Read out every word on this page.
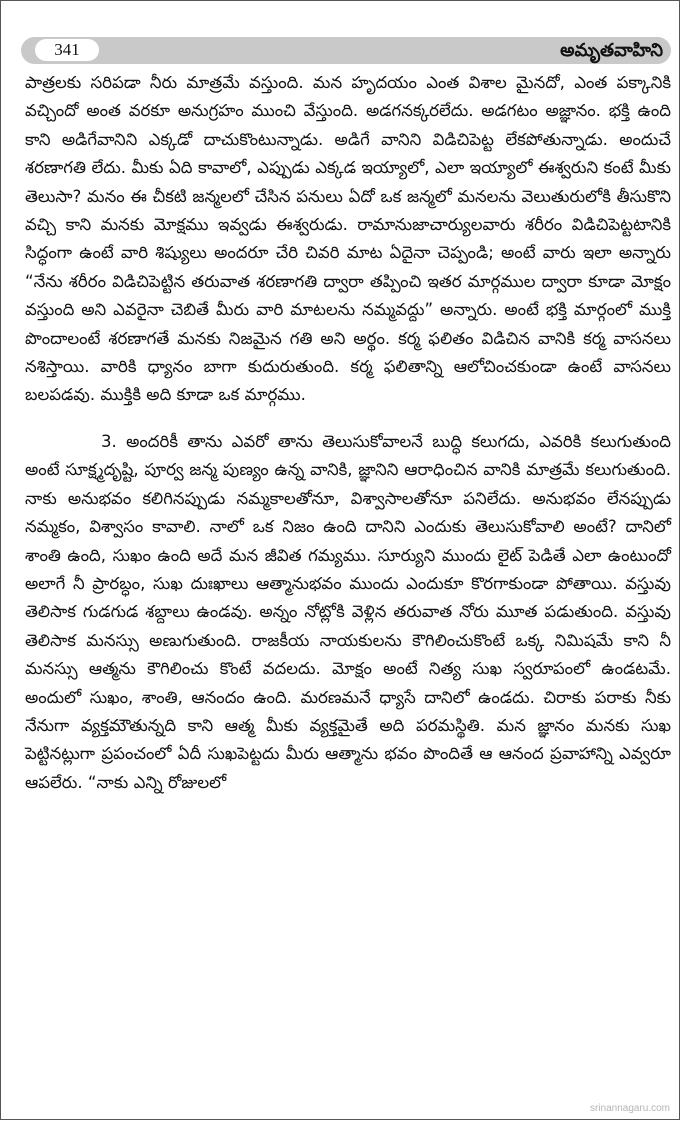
341	అమృతవాహిని

పాత్రలకు సరిపడా నీరు మాత్రమే వస్తుంది. మన హృదయం ఎంత విశాల మైనదో, ఎంత పక్కానికి వచ్చిందో అంత వరకూ అనుగ్రహం ముంచి వేస్తుంది. అడగనక్కరలేదు. అడగటం అజ్ఞానం. భక్తి ఉంది కాని అడిగేవానిని ఎక్కడో దాచుకొంటున్నాడు. అడిగే వానిని విడిచిపెట్ట లేకపోతున్నాడు. అందుచే శరణాగతి లేదు. మీకు ఏది కావాలో, ఎప్పుడు ఎక్కడ ఇయ్యాలో, ఎలా ఇయ్యాలో ఈశ్వరుని కంటే మీకు తెలుసా? మనం ఈ చీకటి జన్మలలో చేసిన పనులు ఏదో ఒక జన్మలో మనలను వెలుతురులోకి తీసుకొని వచ్చి కాని మనకు మోక్షము ఇవ్వడు ఈశ్వరుడు. రామానుజాచార్యులవారు శరీరం విడిచిపెట్టటానికి సిద్ధంగా ఉంటే వారి శిష్యులు అందరూ చేరి చివరి మాట ఏదైనా చెప్పండి; అంటే వారు ఇలా అన్నారు “నేను శరీరం విడిచిపెట్టిన తరువాత శరణాగతి ద్వారా తప్పించి ఇతర మార్గముల ద్వారా కూడా మోక్షం వస్తుంది అని ఎవరైనా చెబితే మీరు వారి మాటలను నమ్మవద్దు” అన్నారు. అంటే భక్తి మార్గంలో ముక్తి పొందాలంటే శరణాగతే మనకు నిజమైన గతి అని అర్థం. కర్మ ఫలితం విడిచిన వానికి కర్మ వాసనలు నశిస్తాయి. వారికి ధ్యానం బాగా కుదురుతుంది. కర్మ ఫలితాన్ని ఆలోచించకుండా ఉంటే వాసనలు బలపడవు. ముక్తికి అది కూడా ఒక మార్గము.

3. అందరికీ తాను ఎవరో తాను తెలుసుకోవాలనే బుద్ధి కలుగదు, ఎవరికి కలుగుతుంది అంటే సూక్ష్మదృష్టి, పూర్వ జన్మ పుణ్యం ఉన్న వానికి, జ్ఞానిని ఆరాధించిన వానికి మాత్రమే కలుగుతుంది. నాకు అనుభవం కలిగినప్పుడు నమ్మకాలతోనూ, విశ్వాసాలతోనూ పనిలేదు. అనుభవం లేనప్పుడు నమ్మకం, విశ్వాసం కావాలి. నాలో ఒక నిజం ఉంది దానిని ఎందుకు తెలుసుకోవాలి అంటే? దానిలో శాంతి ఉంది, సుఖం ఉంది అదే మన జీవిత గమ్యము. సూర్యుని ముందు లైట్ పెడితే ఎలా ఉంటుందో అలాగే నీ ప్రారబ్ధం, సుఖ దుఃఖాలు ఆత్మానుభవం ముందు ఎందుకూ కొరగాకుండా పోతాయి. వస్తువు తెలిసాక గుడగుడ శబ్దాలు ఉండవు. అన్నం నోట్లోకి వెళ్లిన తరువాత నోరు మూత పడుతుంది. వస్తువు తెలిసాక మనస్సు అణుగుతుంది. రాజకీయ నాయకులను కౌగిలించుకొంటే ఒక్క నిమిషమే కాని నీ మనస్సు ఆత్మను కౌగిలించు కొంటే వదలదు. మోక్షం అంటే నిత్య సుఖ స్వరూపంలో ఉండటమే. అందులో సుఖం, శాంతి, ఆనందం ఉంది. మరణమనే ధ్యాసే దానిలో ఉండదు. చిరాకు పరాకు నీకు నేనుగా వ్యక్తమౌతున్నది కాని ఆత్మ మీకు వ్యక్తమైతే అది పరమస్థితి. మన జ్ఞానం మనకు సుఖ పెట్టినట్లుగా ప్రపంచంలో ఏదీ సుఖపెట్టదు మీరు ఆత్మాను భవం పొందితే ఆ ఆనంద ప్రవాహాన్ని ఎవ్వరూ ఆపలేరు. “నాకు ఎన్ని రోజులలో

srinannagaru.com
